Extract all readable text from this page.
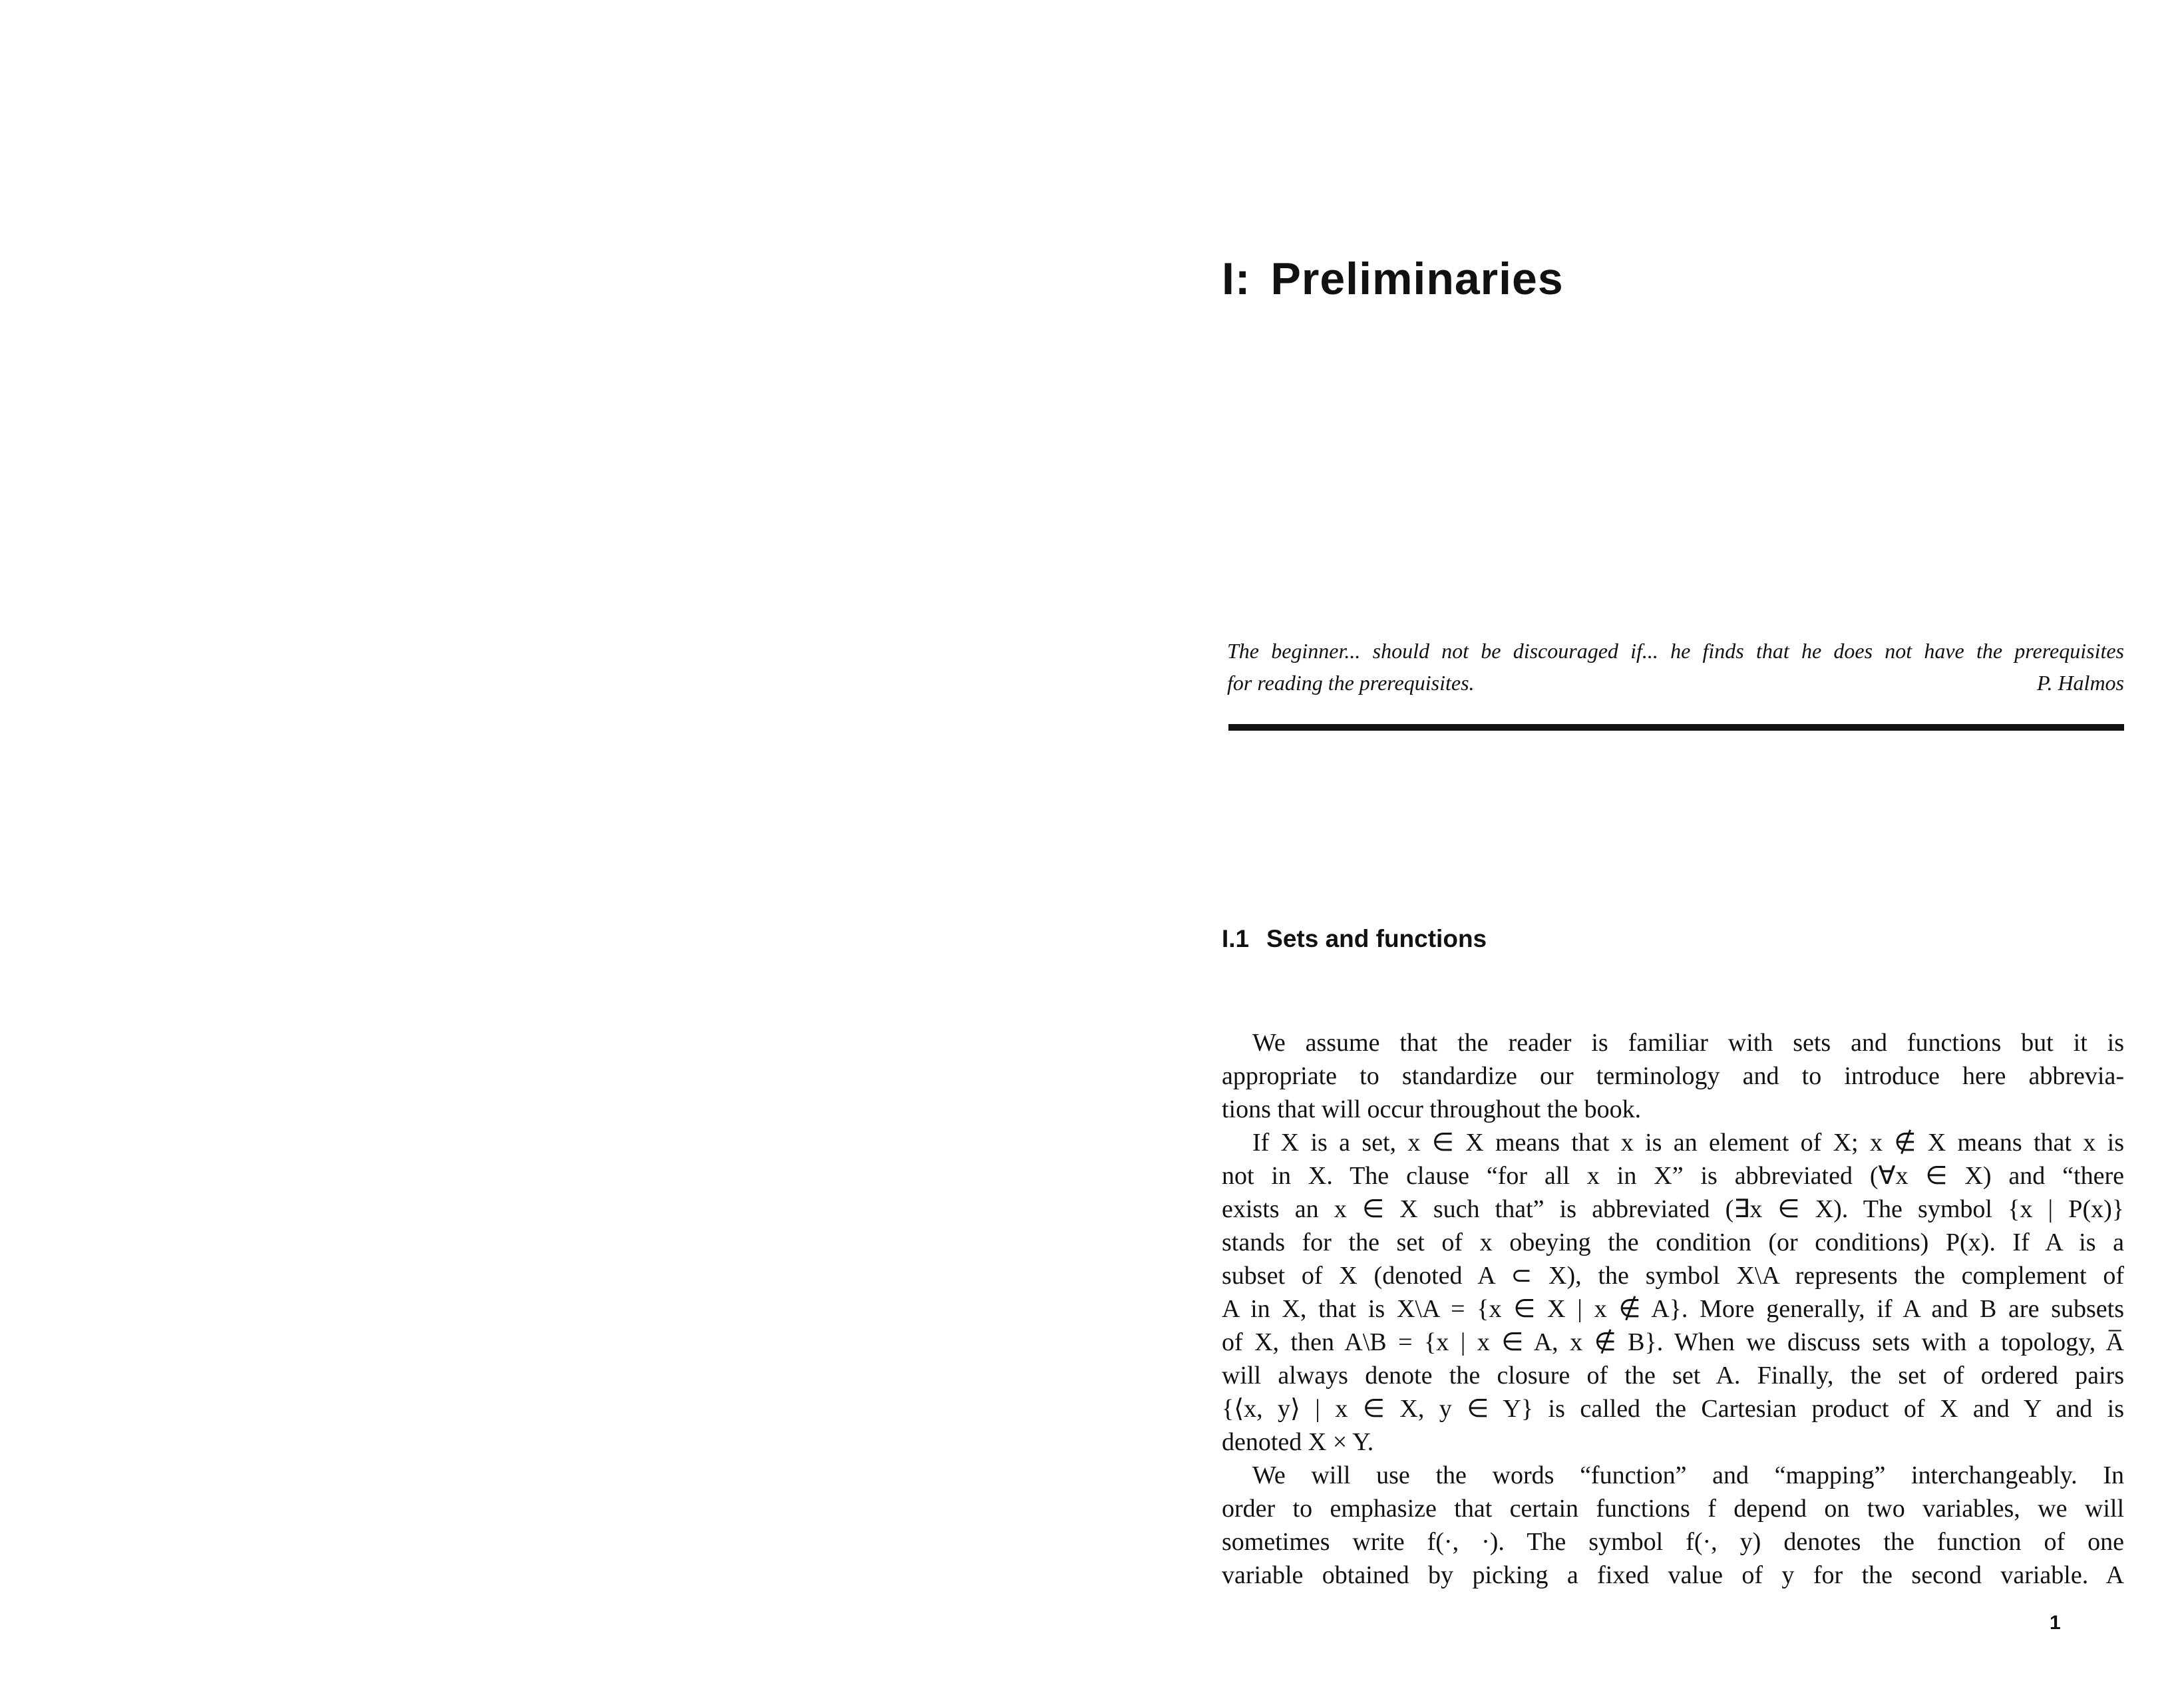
I: Preliminaries
The beginner... should not be discouraged if... he finds that he does not have the prerequisites
for reading the prerequisites.	P. Halmos
I.1 Sets and functions
We assume that the reader is familiar with sets and functions but it is
appropriate to standardize our terminology and to introduce here abbrevia-
tions that will occur throughout the book.
If X is a set, x ∈ X means that x is an element of X; x ∉ X means that x is
not in X. The clause “for all x in X” is abbreviated (∀x ∈ X) and “there
exists an x ∈ X such that” is abbreviated (∃x ∈ X). The symbol {x | P(x)}
stands for the set of x obeying the condition (or conditions) P(x). If A is a
subset of X (denoted A ⊂ X), the symbol X\A represents the complement of
A in X, that is X\A = {x ∈ X | x ∉ A}. More generally, if A and B are subsets
of X, then A\B = {x | x ∈ A, x ∉ B}. When we discuss sets with a topology, A̅
will always denote the closure of the set A. Finally, the set of ordered pairs
{⟨x, y⟩ | x ∈ X, y ∈ Y} is called the Cartesian product of X and Y and is
denoted X × Y.
We will use the words “function” and “mapping” interchangeably. In
order to emphasize that certain functions f depend on two variables, we will
sometimes write f(·, ·). The symbol f(·, y) denotes the function of one
variable obtained by picking a fixed value of y for the second variable. A
1
